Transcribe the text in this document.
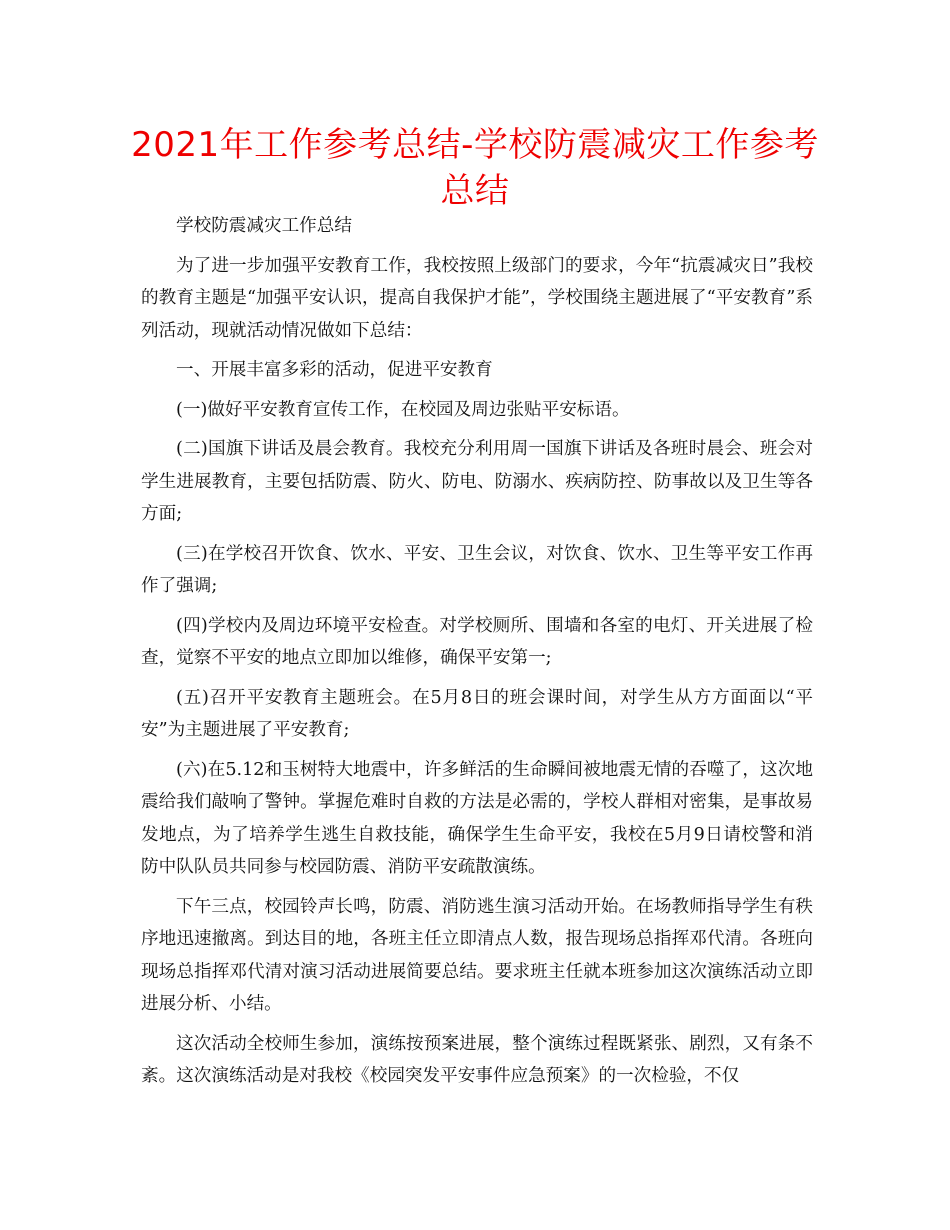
2021年工作参考总结-学校防震减灾工作参考总结

学校防震减灾工作总结

为了进一步加强平安教育工作，我校按照上级部门的要求，今年“抗震减灾日”我校的教育主题是“加强平安认识，提高自我保护才能”，学校围绕主题进展了“平安教育”系列活动，现就活动情况做如下总结：

一、开展丰富多彩的活动，促进平安教育

(一)做好平安教育宣传工作，在校园及周边张贴平安标语。

(二)国旗下讲话及晨会教育。我校充分利用周一国旗下讲话及各班时晨会、班会对学生进展教育，主要包括防震、防火、防电、防溺水、疾病防控、防事故以及卫生等各方面;

(三)在学校召开饮食、饮水、平安、卫生会议，对饮食、饮水、卫生等平安工作再作了强调;

(四)学校内及周边环境平安检查。对学校厕所、围墙和各室的电灯、开关进展了检查，觉察不平安的地点立即加以维修，确保平安第一;

(五)召开平安教育主题班会。在5月8日的班会课时间，对学生从方方面面以“平安”为主题进展了平安教育;

(六)在5.12和玉树特大地震中，许多鲜活的生命瞬间被地震无情的吞噬了，这次地震给我们敲响了警钟。掌握危难时自救的方法是必需的，学校人群相对密集，是事故易发地点，为了培养学生逃生自救技能，确保学生生命平安，我校在5月9日请校警和消防中队队员共同参与校园防震、消防平安疏散演练。

下午三点，校园铃声长鸣，防震、消防逃生演习活动开始。在场教师指导学生有秩序地迅速撤离。到达目的地，各班主任立即清点人数，报告现场总指挥邓代清。各班向现场总指挥邓代清对演习活动进展简要总结。要求班主任就本班参加这次演练活动立即进展分析、小结。

这次活动全校师生参加，演练按预案进展，整个演练过程既紧张、剧烈，又有条不紊。这次演练活动是对我校《校园突发平安事件应急预案》的一次检验，不仅
